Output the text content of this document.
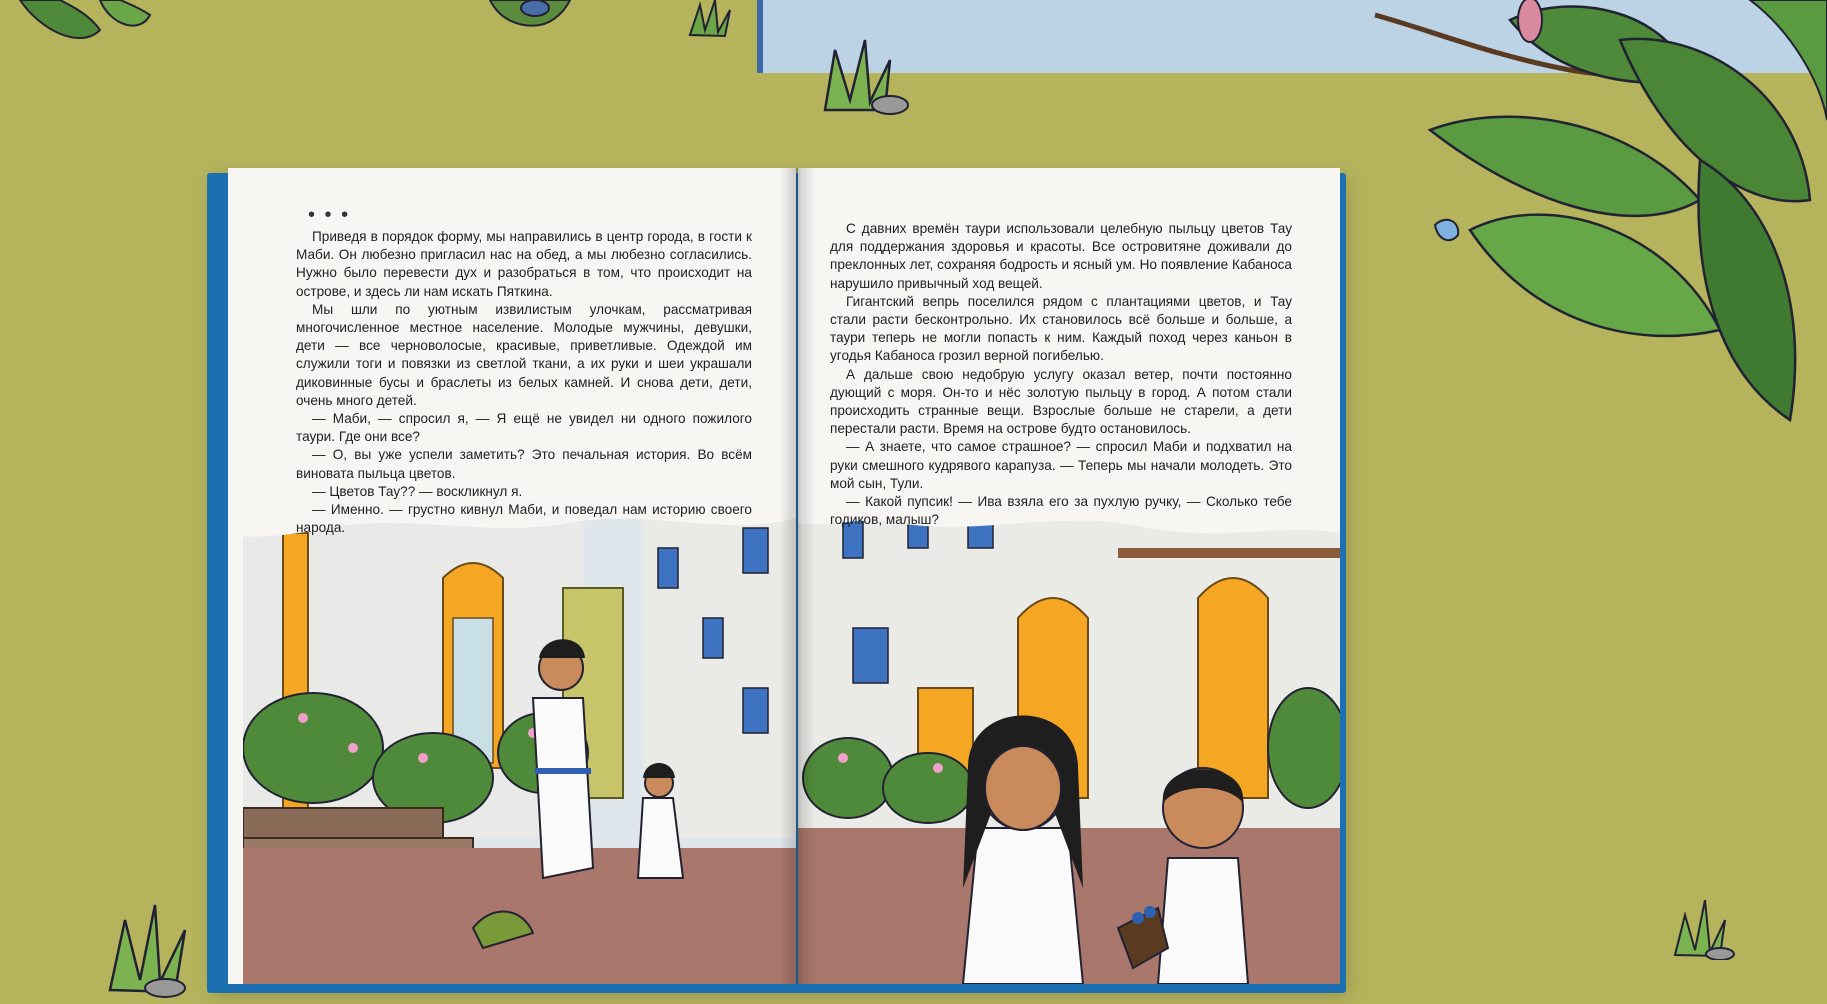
• • •

Приведя в порядок форму, мы направились в центр города, в гости к Маби. Он любезно пригласил нас на обед, а мы любезно согласились. Нужно было перевести дух и разобраться в том, что происходит на острове, и здесь ли нам искать Пяткина.

Мы шли по уютным извилистым улочкам, рассматривая многочисленное местное население. Молодые мужчины, девушки, дети — все черноволосые, красивые, приветливые. Одеждой им служили тоги и повязки из светлой ткани, а их руки и шеи украшали диковинные бусы и браслеты из белых камней. И снова дети, дети, очень много детей.

— Маби, — спросил я, — Я ещё не увидел ни одного пожилого таури. Где они все?

— О, вы уже успели заметить? Это печальная история. Во всём виновата пыльца цветов.

— Цветов Тау?? — воскликнул я.

— Именно. — грустно кивнул Маби, и поведал нам историю своего народа.

С давних времён таури использовали целебную пыльцу цветов Тау для поддержания здоровья и красоты. Все островитяне доживали до преклонных лет, сохраняя бодрость и ясный ум. Но появление Кабаноса нарушило привычный ход вещей.

Гигантский вепрь поселился рядом с плантациями цветов, и Тау стали расти бесконтрольно. Их становилось всё больше и больше, а таури теперь не могли попасть к ним. Каждый поход через каньон в угодья Кабаноса грозил верной погибелью.

А дальше свою недобрую услугу оказал ветер, почти постоянно дующий с моря. Он-то и нёс золотую пыльцу в город. А потом стали происходить странные вещи. Взрослые больше не старели, а дети перестали расти. Время на острове будто остановилось.

— А знаете, что самое страшное? — спросил Маби и подхватил на руки смешного кудрявого карапуза. — Теперь мы начали молодеть. Это мой сын, Тули.

— Какой пупсик! — Ива взяла его за пухлую ручку, — Сколько тебе годиков, малыш?
